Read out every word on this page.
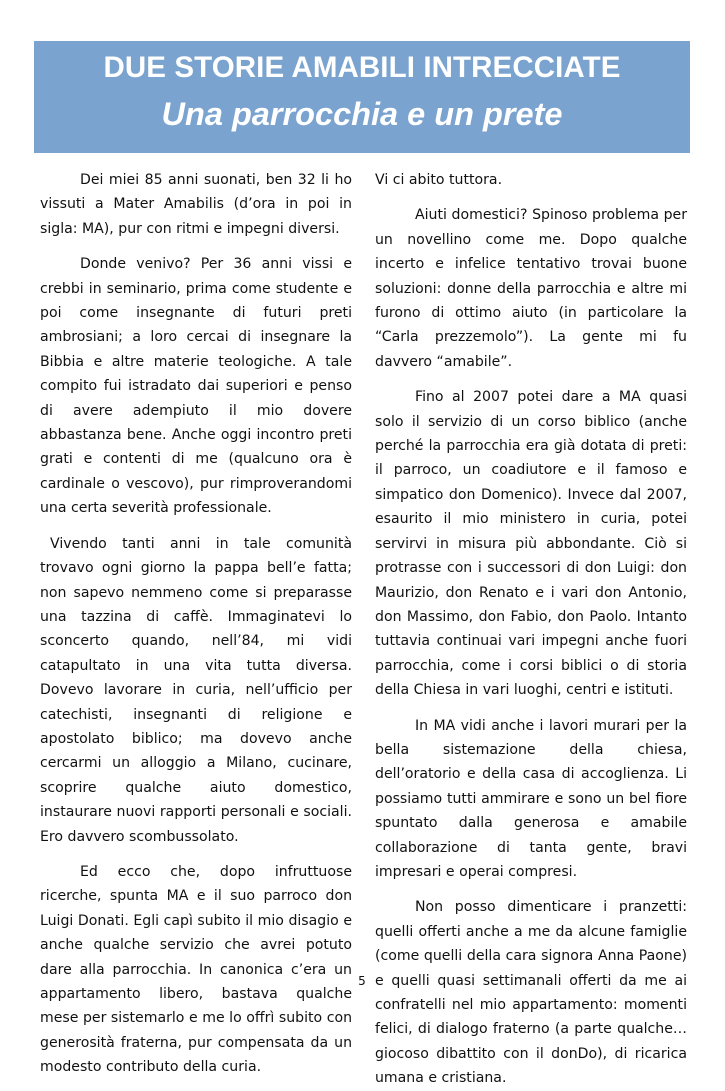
DUE STORIE AMABILI INTRECCIATE
Una parrocchia e un prete

Dei miei 85 anni suonati, ben 32 li ho vissuti a Mater Amabilis (d’ora in poi in sigla: MA), pur con ritmi e impegni diversi.

Donde venivo? Per 36 anni vissi e crebbi in seminario, prima come studente e poi come insegnante di futuri preti ambrosiani; a loro cercai di insegnare la Bibbia e altre materie teologiche. A tale compito fui istradato dai superiori e penso di avere adempiuto il mio dovere abbastanza bene. Anche oggi incontro preti grati e contenti di me (qualcuno ora è cardinale o vescovo), pur rimproverandomi una certa severità professionale.

Vivendo tanti anni in tale comunità trovavo ogni giorno la pappa bell’e fatta; non sapevo nemmeno come si preparasse una tazzina di caffè. Immaginatevi lo sconcerto quando, nell’84, mi vidi catapultato in una vita tutta diversa. Dovevo lavorare in curia, nell’ufficio per catechisti, insegnanti di religione e apostolato biblico; ma dovevo anche cercarmi un alloggio a Milano, cucinare, scoprire qualche aiuto domestico, instaurare nuovi rapporti personali e sociali. Ero davvero scombussolato.

Ed ecco che, dopo infruttuose ricerche, spunta MA e il suo parroco don Luigi Donati. Egli capì subito il mio disagio e anche qualche servizio che avrei potuto dare alla parrocchia. In canonica c’era un appartamento libero, bastava qualche mese per sistemarlo e me lo offrì subito con generosità fraterna, pur compensata da un modesto contributo della curia.

Vi ci abito tuttora.

Aiuti domestici? Spinoso problema per un novellino come me. Dopo qualche incerto e infelice tentativo trovai buone soluzioni: donne della parrocchia e altre mi furono di ottimo aiuto (in particolare la “Carla prezzemolo”). La gente mi fu davvero “amabile”.

Fino al 2007 potei dare a MA quasi solo il servizio di un corso biblico (anche perché la parrocchia era già dotata di preti: il parroco, un coadiutore e il famoso e simpatico don Domenico). Invece dal 2007, esaurito il mio ministero in curia, potei servirvi in misura più abbondante. Ciò si protrasse con i successori di don Luigi: don Maurizio, don Renato e i vari don Antonio, don Massimo, don Fabio, don Paolo. Intanto tuttavia continuai vari impegni anche fuori parrocchia, come i corsi biblici o di storia della Chiesa in vari luoghi, centri e istituti.

In MA vidi anche i lavori murari per la bella sistemazione della chiesa, dell’oratorio e della casa di accoglienza. Li possiamo tutti ammirare e sono un bel fiore spuntato dalla generosa e amabile collaborazione di tanta gente, bravi impresari e operai compresi.

Non posso dimenticare i pranzetti: quelli offerti anche a me da alcune famiglie (come quelli della cara signora Anna Paone) e quelli quasi settimanali offerti da me ai confratelli nel mio appartamento: momenti felici, di dialogo fraterno (a parte qualche…giocoso dibattito con il donDo), di ricarica umana e cristiana.

5
